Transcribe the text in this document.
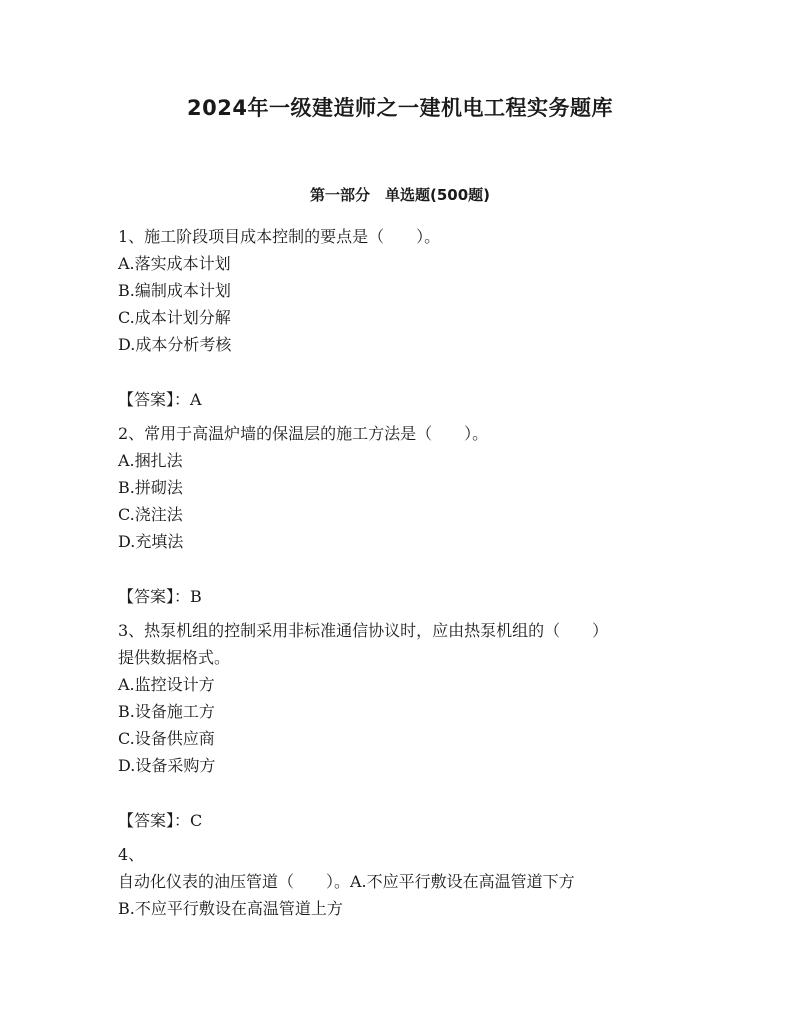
2024年一级建造师之一建机电工程实务题库
第一部分　单选题(500题)

1、施工阶段项目成本控制的要点是（　　）。

A.落实成本计划

B.编制成本计划

C.成本计划分解

D.成本分析考核

【答案】：A

2、常用于高温炉墙的保温层的施工方法是（　　）。

A.捆扎法

B.拼砌法

C.浇注法

D.充填法

【答案】：B

3、热泵机组的控制采用非标准通信协议时，应由热泵机组的（　　）

提供数据格式。

A.监控设计方

B.设备施工方

C.设备供应商

D.设备采购方

【答案】：C

4、

自动化仪表的油压管道（　　）。A.不应平行敷设在高温管道下方

B.不应平行敷设在高温管道上方
